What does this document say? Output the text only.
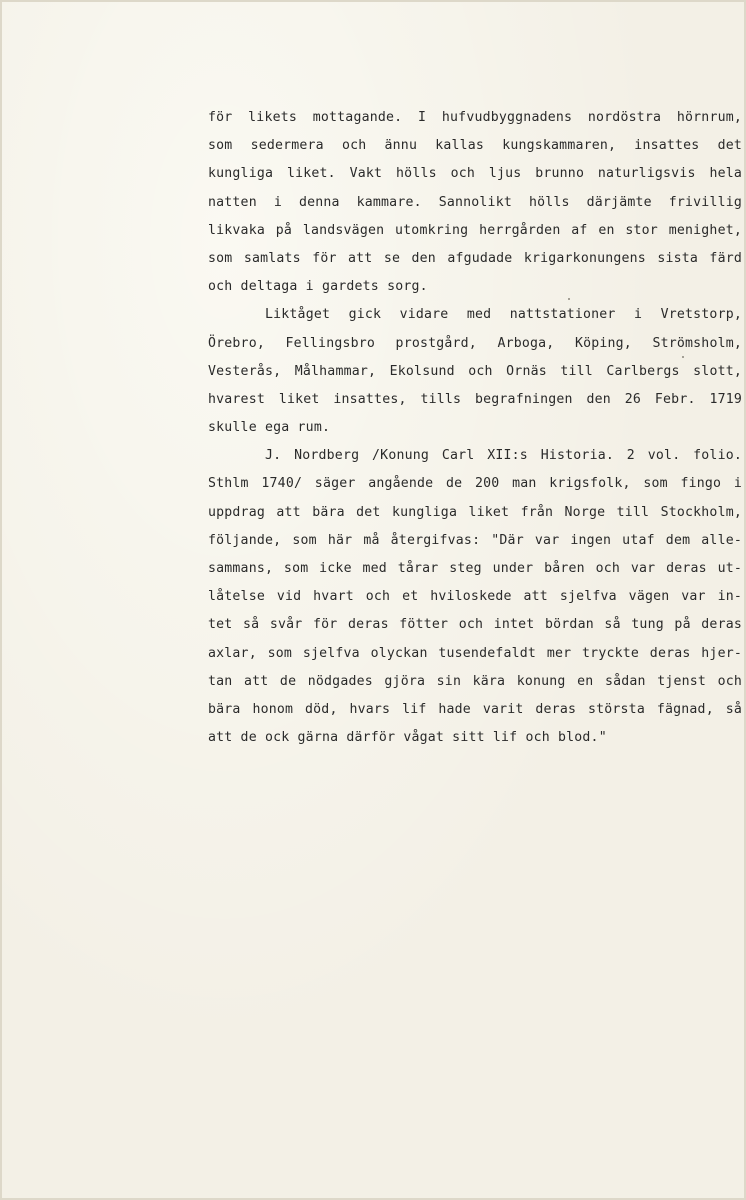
för likets mottagande. I hufvudbyggnadens nordöstra hörnrum,
som sedermera och ännu kallas kungskammaren, insattes det
kungliga liket. Vakt hölls och ljus brunno naturligsvis hela
natten i denna kammare. Sannolikt hölls därjämte frivillig
likvaka på landsvägen utomkring herrgården af en stor menighet,
som samlats för att se den afgudade krigarkonungens sista färd
och deltaga i gardets sorg.
Liktåget gick vidare med nattstationer i Vretstorp,
Örebro, Fellingsbro prostgård, Arboga, Köping, Strömsholm,
Vesterås, Målhammar, Ekolsund och Ornäs till Carlbergs slott,
hvarest liket insattes, tills begrafningen den 26 Febr. 1719
skulle ega rum.
J. Nordberg /Konung Carl XII:s Historia. 2 vol. folio.
Sthlm 1740/ säger angående de 200 man krigsfolk, som fingo i
uppdrag att bära det kungliga liket från Norge till Stockholm,
följande, som här må återgifvas: "Där var ingen utaf dem alle-
sammans, som icke med tårar steg under båren och var deras ut-
låtelse vid hvart och et hviloskede att sjelfva vägen var in-
tet så svår för deras fötter och intet bördan så tung på deras
axlar, som sjelfva olyckan tusendefaldt mer tryckte deras hjer-
tan att de nödgades gjöra sin kära konung en sådan tjenst och
bära honom död, hvars lif hade varit deras största fägnad, så
att de ock gärna därför vågat sitt lif och blod."
